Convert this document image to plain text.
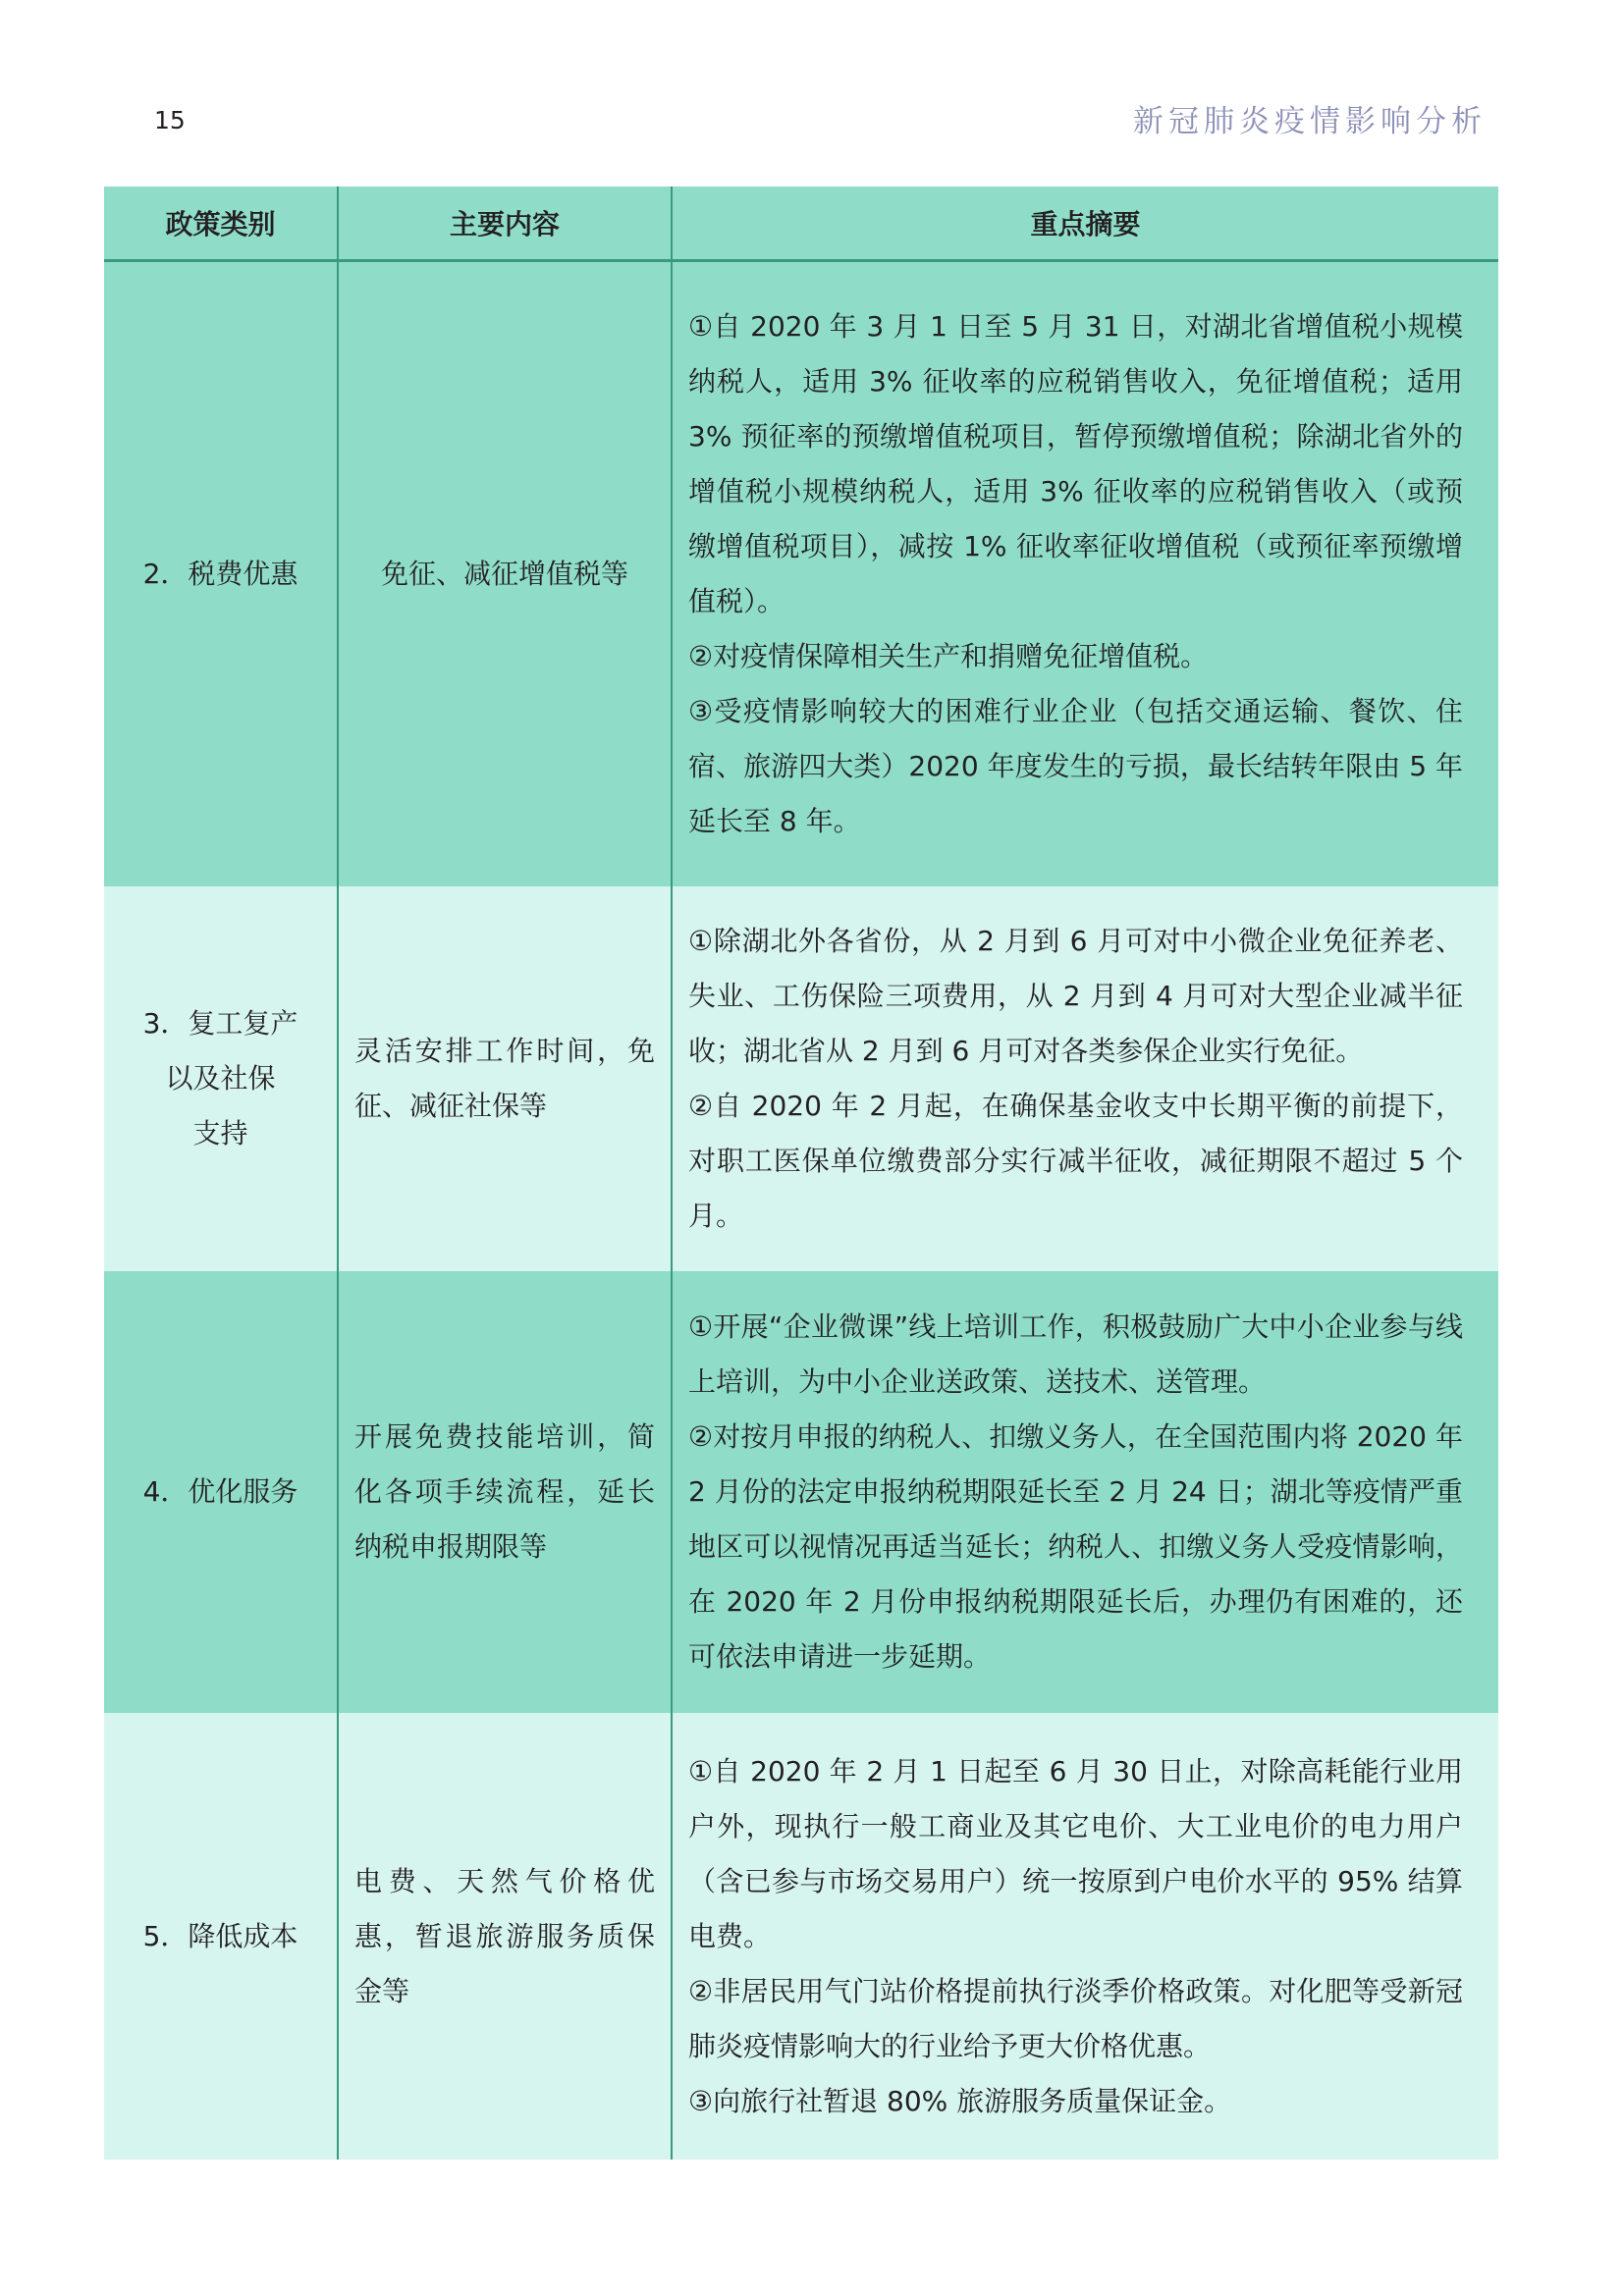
15	新冠肺炎疫情影响分析
政策类别	主要内容	重点摘要

2．税费优惠	免征、减征增值税等	①自 2020 年 3 月 1 日至 5 月 31 日，对湖北省增值税小规模纳税人，适用 3% 征收率的应税销售收入，免征增值税；适用 3% 预征率的预缴增值税项目，暂停预缴增值税；除湖北省外的增值税小规模纳税人，适用 3% 征收率的应税销售收入（或预缴增值税项目），减按 1% 征收率征收增值税（或预征率预缴增值税）。
②对疫情保障相关生产和捐赠免征增值税。
③受疫情影响较大的困难行业企业（包括交通运输、餐饮、住宿、旅游四大类）2020 年度发生的亏损，最长结转年限由 5 年延长至 8 年。

3．复工复产
以及社保
支持	灵活安排工作时间，免征、减征社保等	①除湖北外各省份，从 2 月到 6 月可对中小微企业免征养老、失业、工伤保险三项费用，从 2 月到 4 月可对大型企业减半征收；湖北省从 2 月到 6 月可对各类参保企业实行免征。
②自 2020 年 2 月起，在确保基金收支中长期平衡的前提下，对职工医保单位缴费部分实行减半征收，减征期限不超过 5 个月。

4．优化服务	开展免费技能培训，简化各项手续流程，延长纳税申报期限等	①开展“企业微课”线上培训工作，积极鼓励广大中小企业参与线上培训，为中小企业送政策、送技术、送管理。
②对按月申报的纳税人、扣缴义务人，在全国范围内将 2020 年 2 月份的法定申报纳税期限延长至 2 月 24 日；湖北等疫情严重地区可以视情况再适当延长；纳税人、扣缴义务人受疫情影响，在 2020 年 2 月份申报纳税期限延长后，办理仍有困难的，还可依法申请进一步延期。

5．降低成本	电费、天然气价格优惠，暂退旅游服务质保金等	①自 2020 年 2 月 1 日起至 6 月 30 日止，对除高耗能行业用户外，现执行一般工商业及其它电价、大工业电价的电力用户（含已参与市场交易用户）统一按原到户电价水平的 95% 结算电费。
②非居民用气门站价格提前执行淡季价格政策。对化肥等受新冠肺炎疫情影响大的行业给予更大价格优惠。
③向旅行社暂退 80% 旅游服务质量保证金。
